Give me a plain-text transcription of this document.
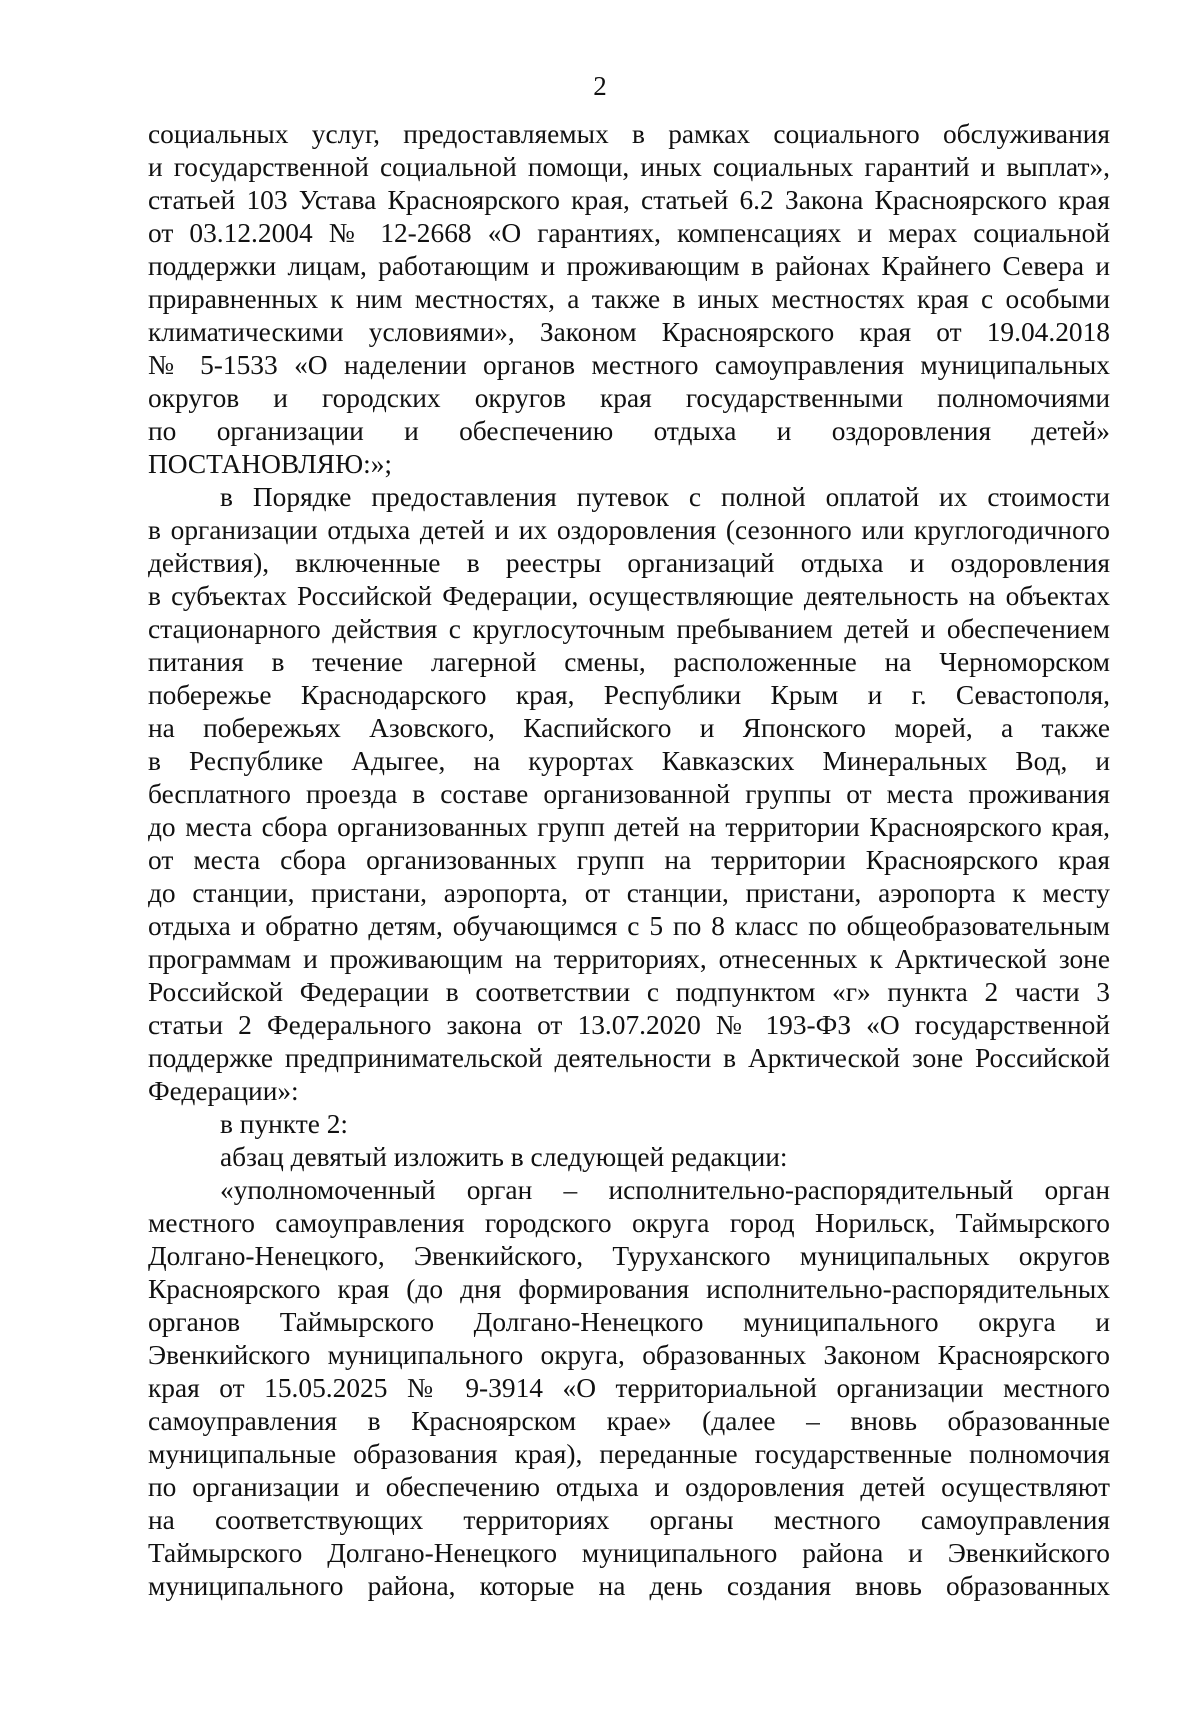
2
социальных услуг, предоставляемых в рамках социального обслуживания
и государственной социальной помощи, иных социальных гарантий и выплат»,
статьей 103 Устава Красноярского края, статьей 6.2 Закона Красноярского края
от 03.12.2004 № 12-2668 «О гарантиях, компенсациях и мерах социальной
поддержки лицам, работающим и проживающим в районах Крайнего Севера и
приравненных к ним местностях, а также в иных местностях края с особыми
климатическими условиями», Законом Красноярского края от 19.04.2018
№ 5-1533 «О наделении органов местного самоуправления муниципальных
округов и городских округов края государственными полномочиями
по организации и обеспечению отдыха и оздоровления детей»
ПОСТАНОВЛЯЮ:»;
в Порядке предоставления путевок с полной оплатой их стоимости
в организации отдыха детей и их оздоровления (сезонного или круглогодичного
действия), включенные в реестры организаций отдыха и оздоровления
в субъектах Российской Федерации, осуществляющие деятельность на объектах
стационарного действия с круглосуточным пребыванием детей и обеспечением
питания в течение лагерной смены, расположенные на Черноморском
побережье Краснодарского края, Республики Крым и г. Севастополя,
на побережьях Азовского, Каспийского и Японского морей, а также
в Республике Адыгее, на курортах Кавказских Минеральных Вод, и
бесплатного проезда в составе организованной группы от места проживания
до места сбора организованных групп детей на территории Красноярского края,
от места сбора организованных групп на территории Красноярского края
до станции, пристани, аэропорта, от станции, пристани, аэропорта к месту
отдыха и обратно детям, обучающимся с 5 по 8 класс по общеобразовательным
программам и проживающим на территориях, отнесенных к Арктической зоне
Российской Федерации в соответствии с подпунктом «г» пункта 2 части 3
статьи 2 Федерального закона от 13.07.2020 № 193-ФЗ «О государственной
поддержке предпринимательской деятельности в Арктической зоне Российской
Федерации»:
в пункте 2:
абзац девятый изложить в следующей редакции:
«уполномоченный орган – исполнительно-распорядительный орган
местного самоуправления городского округа город Норильск, Таймырского
Долгано-Ненецкого, Эвенкийского, Туруханского муниципальных округов
Красноярского края (до дня формирования исполнительно-распорядительных
органов Таймырского Долгано-Ненецкого муниципального округа и
Эвенкийского муниципального округа, образованных Законом Красноярского
края от 15.05.2025 № 9-3914 «О территориальной организации местного
самоуправления в Красноярском крае» (далее – вновь образованные
муниципальные образования края), переданные государственные полномочия
по организации и обеспечению отдыха и оздоровления детей осуществляют
на соответствующих территориях органы местного самоуправления
Таймырского Долгано-Ненецкого муниципального района и Эвенкийского
муниципального района, которые на день создания вновь образованных
